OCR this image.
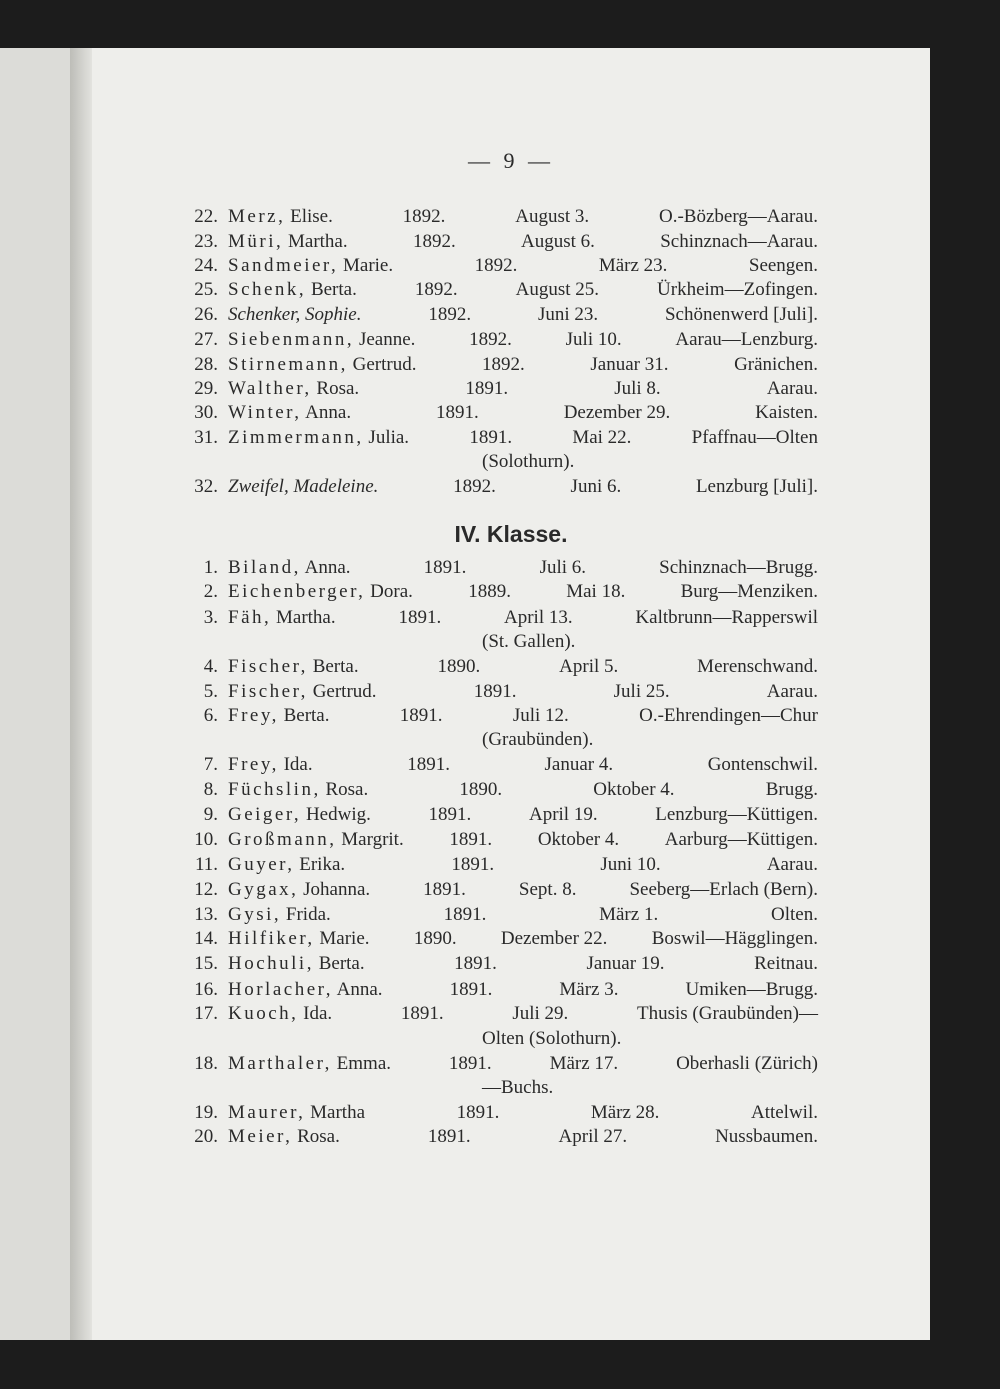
— 9 —
IV. Klasse.
22. Merz, Elise.	1892.	August 3.	O.-Bözberg—Aarau.
23. Müri, Martha.	1892.	August 6.	Schinznach—Aarau.
24. Sandmeier, Marie.	1892.	März 23.	Seengen.
25. Schenk, Berta.	1892.	August 25.	Ürkheim—Zofingen.
26. Schenker, Sophie.	1892.	Juni 23.	Schönenwerd [Juli].
27. Siebenmann, Jeanne.	1892.	Juli 10.	Aarau—Lenzburg.
28. Stirnemann, Gertrud.	1892.	Januar 31.	Gränichen.
29. Walther, Rosa.	1891.	Juli 8.	Aarau.
30. Winter, Anna.	1891.	Dezember 29.	Kaisten.
31. Zimmermann, Julia.	1891.	Mai 22.	Pfaffnau—Olten
(Solothurn).
32. Zweifel, Madeleine.	1892.	Juni 6.	Lenzburg [Juli].
1. Biland, Anna.	1891.	Juli 6.	Schinznach—Brugg.
2. Eichenberger, Dora.	1889.	Mai 18.	Burg—Menziken.
3. Fäh, Martha.	1891.	April 13.	Kaltbrunn—Rapperswil
(St. Gallen).
4. Fischer, Berta.	1890.	April 5.	Merenschwand.
5. Fischer, Gertrud.	1891.	Juli 25.	Aarau.
6. Frey, Berta.	1891.	Juli 12.	O.-Ehrendingen—Chur
(Graubünden).
7. Frey, Ida.	1891.	Januar 4.	Gontenschwil.
8. Füchslin, Rosa.	1890.	Oktober 4.	Brugg.
9. Geiger, Hedwig.	1891.	April 19.	Lenzburg—Küttigen.
10. Großmann, Margrit. 1891. Oktober 4. Aarburg—Küttigen.
11. Guyer, Erika.	1891.	Juni 10.	Aarau.
12. Gygax, Johanna.	1891.	Sept. 8.	Seeberg—Erlach (Bern).
13. Gysi, Frida.	1891.	März 1.	Olten.
14. Hilfiker, Marie. 1890. Dezember 22. Boswil—Hägglingen.
15. Hochuli, Berta.	1891.	Januar 19.	Reitnau.
16. Horlacher, Anna.	1891.	März 3.	Umiken—Brugg.
17. Kuoch, Ida.	1891.	Juli 29.	Thusis (Graubünden)—
Olten (Solothurn).
18. Marthaler, Emma.	1891.	März 17.	Oberhasli (Zürich)
—Buchs.
19. Maurer, Martha	1891.	März 28.	Attelwil.
20. Meier, Rosa.	1891.	April 27.	Nussbaumen.
